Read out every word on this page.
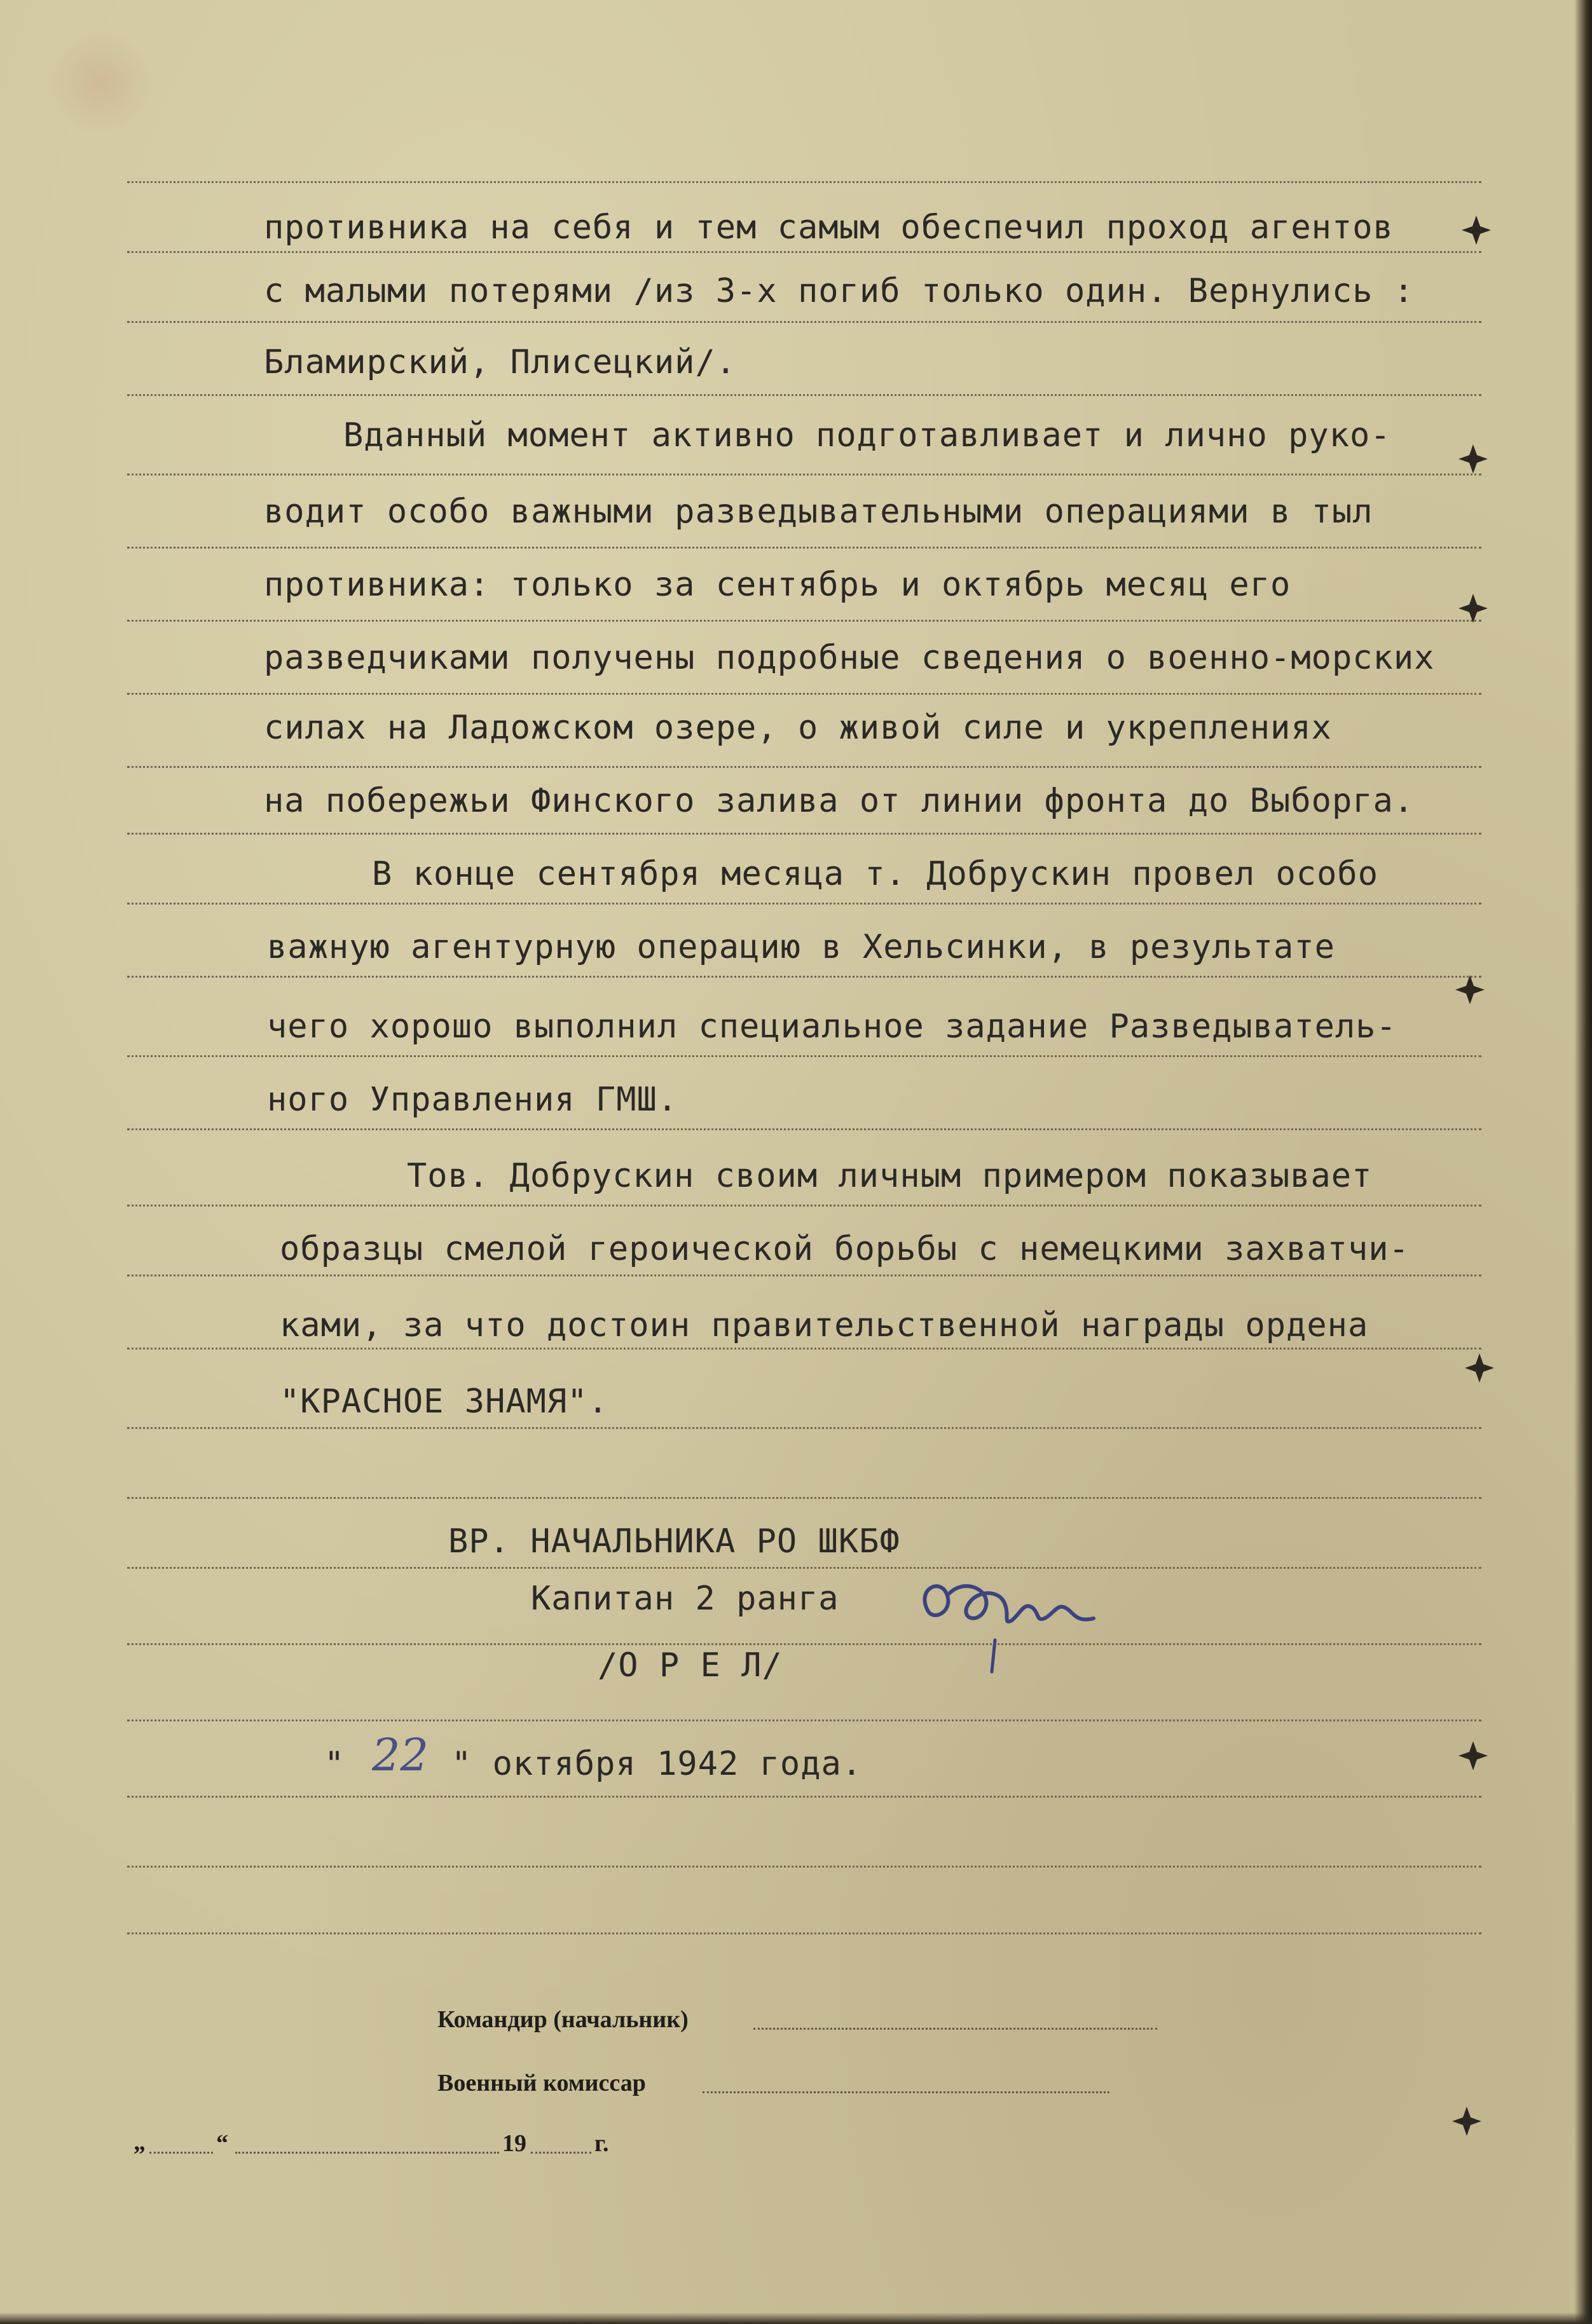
противника на себя и тем самым обеспечил проход агентов
с малыми потерями /из 3-х погиб только один. Вернулись :
Бламирский, Плисецкий/.
Вданный момент активно подготавливает и лично руко-
водит особо важными разведывательными операциями в тыл
противника: только за сентябрь и октябрь месяц его
разведчиками получены подробные сведения о военно-морских
силах на Ладожском озере, о живой силе и укреплениях
на побережьи Финского залива от линии фронта до Выборга.
В конце сентября месяца т. Добрускин провел особо
важную агентурную операцию в Хельсинки, в результате
чего хорошо выполнил специальное задание Разведыватель-
ного Управления ГМШ.
Тов. Добрускин своим личным примером показывает
образцы смелой героической борьбы с немецкими захватчи-
ками, за что достоин правительственной награды ордена
"КРАСНОЕ ЗНАМЯ".
ВР. НАЧАЛЬНИКА РО ШКБФ
Капитан 2 ранга
/О Р Е Л/
" 22 " октября 1942 года.
Командир (начальник)
Военный комиссар
„	“	19	г.
